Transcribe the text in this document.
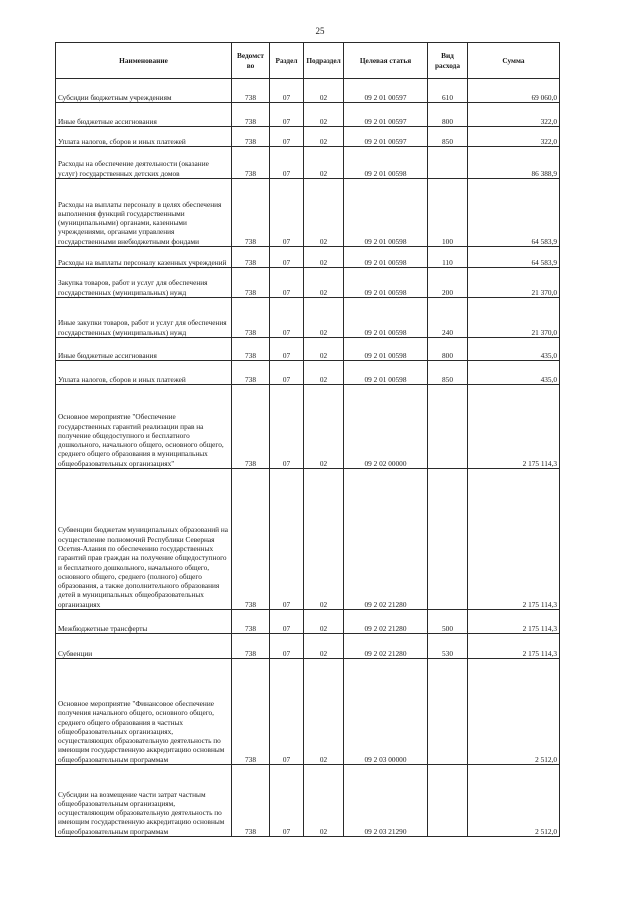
25
Наименование	Ведомст во	Раздел	Подраздел	Целевая статья	Вид расхода	Сумма
Субсидии бюджетным учреждениям	738	07	02	09 2 01 00597	610	69 060,0
Иные бюджетные ассигнования	738	07	02	09 2 01 00597	800	322,0
Уплата налогов, сборов и иных платежей	738	07	02	09 2 01 00597	850	322,0
Расходы на обеспечение деятельности (оказание услуг) государственных детских домов	738	07	02	09 2 01 00598		86 388,9
Расходы на выплаты персоналу в целях обеспечения выполнения функций государственными (муниципальными) органами, казенными учреждениями, органами управления государственными внебюджетными фондами	738	07	02	09 2 01 00598	100	64 583,9
Расходы на выплаты персоналу казенных учреждений	738	07	02	09 2 01 00598	110	64 583,9
Закупка товаров, работ и услуг для обеспечения государственных (муниципальных) нужд	738	07	02	09 2 01 00598	200	21 370,0
Иные закупки товаров, работ и услуг для обеспечения государственных (муниципальных) нужд	738	07	02	09 2 01 00598	240	21 370,0
Иные бюджетные ассигнования	738	07	02	09 2 01 00598	800	435,0
Уплата налогов, сборов и иных платежей	738	07	02	09 2 01 00598	850	435,0
Основное мероприятие "Обеспечение государственных гарантий реализации прав на получение общедоступного и бесплатного дошкольного, начального общего, основного общего, среднего общего образования в муниципальных общеобразовательных организациях"	738	07	02	09 2 02 00000		2 175 114,3
Субвенции бюджетам муниципальных образований на осуществление полномочий Республики Северная Осетия-Алания по обеспечению государственных гарантий прав граждан на получение общедоступного и бесплатного дошкольного, начального общего, основного общего, среднего (полного) общего образования, а также дополнительного образования детей в муниципальных общеобразовательных организациях	738	07	02	09 2 02 21280		2 175 114,3
Межбюджетные трансферты	738	07	02	09 2 02 21280	500	2 175 114,3
Субвенции	738	07	02	09 2 02 21280	530	2 175 114,3
Основное мероприятие "Финансовое обеспечение получения начального общего, основного общего, среднего общего образования в частных общеобразовательных организациях, осуществляющих образовательную деятельность по имеющим государственную аккредитацию основным общеобразовательным программам	738	07	02	09 2 03 00000		2 512,0
Субсидии на возмещение части затрат частным общеобразовательным организациям, осуществляющим образовательную деятельность по имеющим государственную аккредитацию основным общеобразовательным программам	738	07	02	09 2 03 21290		2 512,0
